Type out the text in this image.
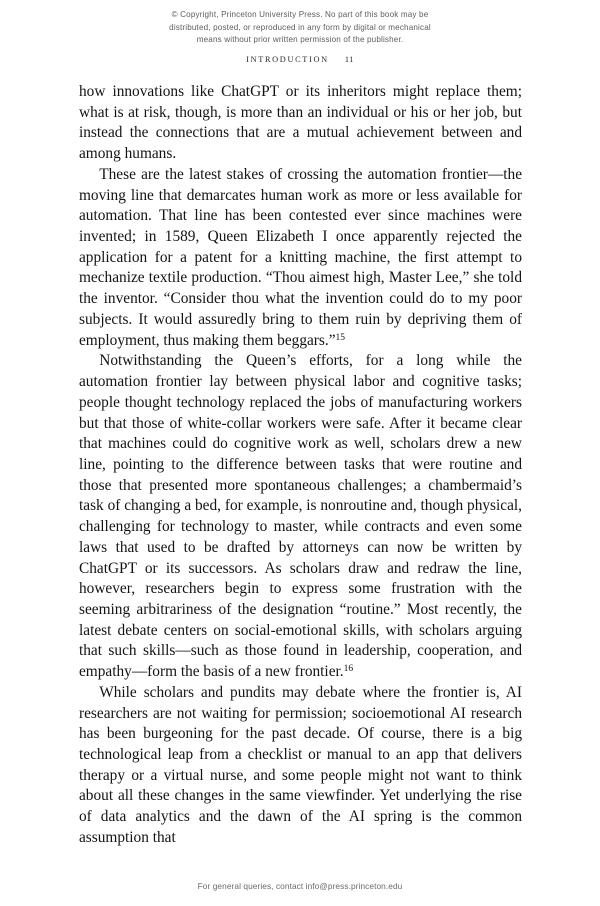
© Copyright, Princeton University Press. No part of this book may be
distributed, posted, or reproduced in any form by digital or mechanical
means without prior written permission of the publisher.
INTRODUCTION 11

how innovations like ChatGPT or its inheritors might replace them; what is at risk, though, is more than an individual or his or her job, but instead the connections that are a mutual achievement between and among humans.

These are the latest stakes of crossing the automation frontier—the moving line that demarcates human work as more or less available for automation. That line has been contested ever since machines were invented; in 1589, Queen Elizabeth I once apparently rejected the application for a patent for a knitting machine, the first attempt to mechanize textile production. “Thou aimest high, Master Lee,” she told the inventor. “Consider thou what the invention could do to my poor subjects. It would assuredly bring to them ruin by depriving them of employment, thus making them beggars.”$^{15}$

Notwithstanding the Queen’s efforts, for a long while the automation frontier lay between physical labor and cognitive tasks; people thought technology replaced the jobs of manufacturing workers but that those of white-collar workers were safe. After it became clear that machines could do cognitive work as well, scholars drew a new line, pointing to the difference between tasks that were routine and those that presented more spontaneous challenges; a chambermaid’s task of changing a bed, for example, is nonroutine and, though physical, challenging for technology to master, while contracts and even some laws that used to be drafted by attorneys can now be written by ChatGPT or its successors. As scholars draw and redraw the line, however, researchers begin to express some frustration with the seeming arbitrariness of the designation “routine.” Most recently, the latest debate centers on social-emotional skills, with scholars arguing that such skills—such as those found in leadership, cooperation, and empathy—form the basis of a new frontier.$^{16}$

While scholars and pundits may debate where the frontier is, AI researchers are not waiting for permission; socioemotional AI research has been burgeoning for the past decade. Of course, there is a big technological leap from a checklist or manual to an app that delivers therapy or a virtual nurse, and some people might not want to think about all these changes in the same viewfinder. Yet underlying the rise of data analytics and the dawn of the AI spring is the common assumption that

For general queries, contact info@press.princeton.edu
